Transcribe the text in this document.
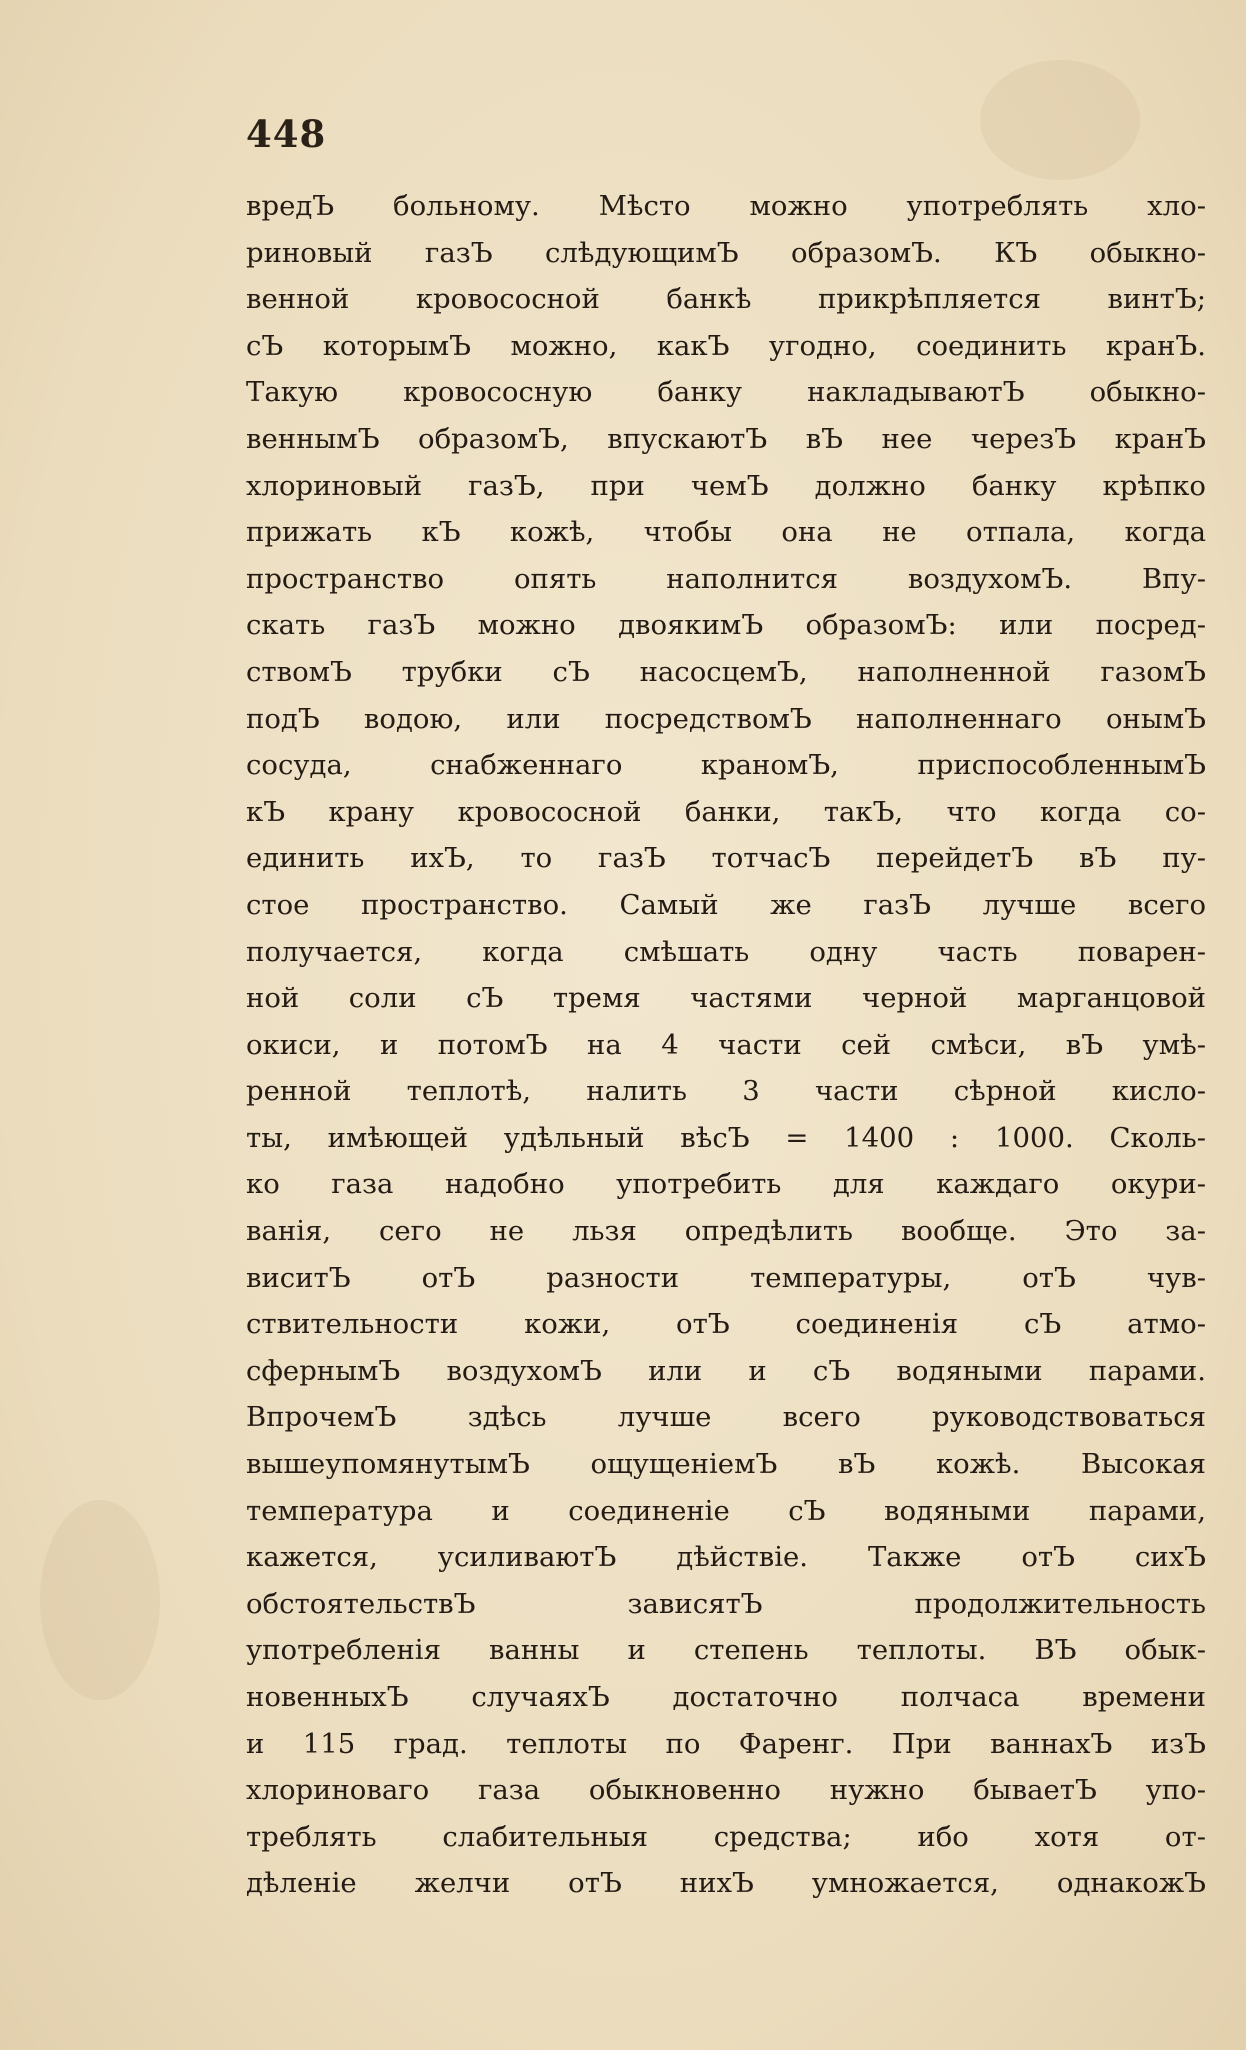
448
вредЪ больному. Мѣсто можно употреблять хло-
риновый газЪ слѣдующимЪ образомЪ. КЪ обыкно-
венной кровососной банкѣ прикрѣпляется винтЪ;
сЪ которымЪ можно, какЪ угодно, соединить кранЪ.
Такую кровососную банку накладываютЪ обыкно-
веннымЪ образомЪ, впускаютЪ вЪ нее черезЪ кранЪ
хлориновый газЪ, при чемЪ должно банку крѣпко
прижать кЪ кожѣ, чтобы она не отпала, когда
пространство опять наполнится воздухомЪ. Впу-
скать газЪ можно двоякимЪ образомЪ: или посред-
ствомЪ трубки сЪ насосцемЪ, наполненной газомЪ
подЪ водою, или посредствомЪ наполненнаго онымЪ
сосуда, снабженнаго краномЪ, приспособленнымЪ
кЪ крану кровососной банки, такЪ, что когда со-
единить ихЪ, то газЪ тотчасЪ перейдетЪ вЪ пу-
стое пространство. Самый же газЪ лучше всего
получается, когда смѣшать одну часть поварен-
ной соли сЪ тремя частями черной марганцовой
окиси, и потомЪ на 4 части сей смѣси, вЪ умѣ-
ренной теплотѣ, налить 3 части сѣрной кисло-
ты, имѣющей удѣльный вѣсЪ = 1400 : 1000. Сколь-
ко газа надобно употребить для каждаго окури-
ванія, сего не льзя опредѣлить вообще. Это за-
виситЪ отЪ разности температуры, отЪ чув-
ствительности кожи, отЪ соединенія сЪ атмо-
сфернымЪ воздухомЪ или и сЪ водяными парами.
ВпрочемЪ здѣсь лучше всего руководствоваться
вышеупомянутымЪ ощущеніемЪ вЪ кожѣ. Высокая
температура и соединеніе сЪ водяными парами,
кажется, усиливаютЪ дѣйствіе. Также отЪ сихЪ
обстоятельствЪ зависятЪ продолжительность
употребленія ванны и степень теплоты. ВЪ обык-
новенныхЪ случаяхЪ достаточно полчаса времени
и 115 град. теплоты по Фаренг. При ваннахЪ изЪ
хлориноваго газа обыкновенно нужно бываетЪ упо-
треблять слабительныя средства; ибо хотя от-
дѣленіе желчи отЪ нихЪ умножается, однакожЪ
